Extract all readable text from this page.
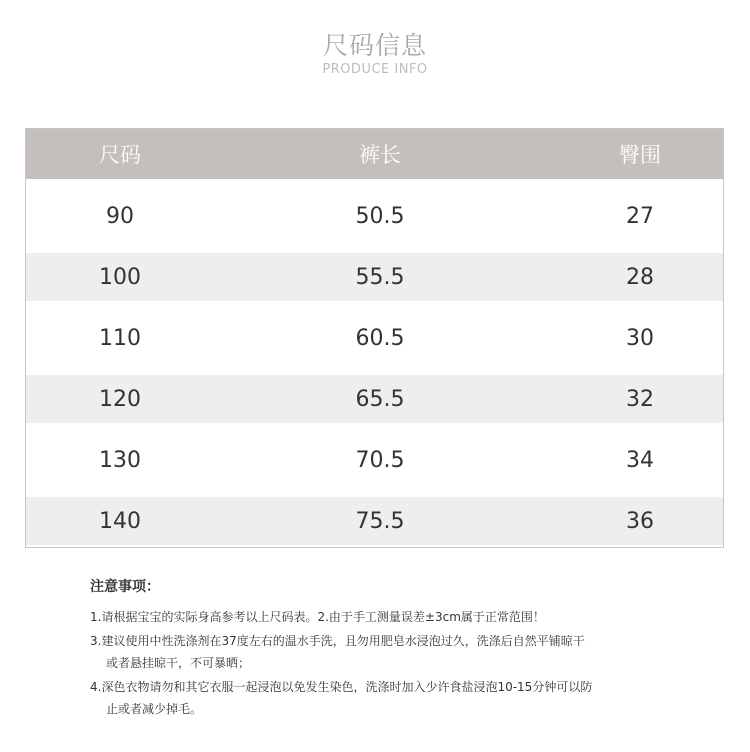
尺码信息
PRODUCE INFO
尺码	裤长	臀围
90	50.5	27
100	55.5	28
110	60.5	30
120	65.5	32
130	70.5	34
140	75.5	36
注意事项：
1.请根据宝宝的实际身高参考以上尺码表。2.由于手工测量误差±3cm属于正常范围！
3.建议使用中性洗涤剂在37度左右的温水手洗，且勿用肥皂水浸泡过久，洗涤后自然平铺晾干
或者悬挂晾干，不可暴晒；
4.深色衣物请勿和其它衣服一起浸泡以免发生染色，洗涤时加入少许食盐浸泡10-15分钟可以防
止或者减少掉毛。
